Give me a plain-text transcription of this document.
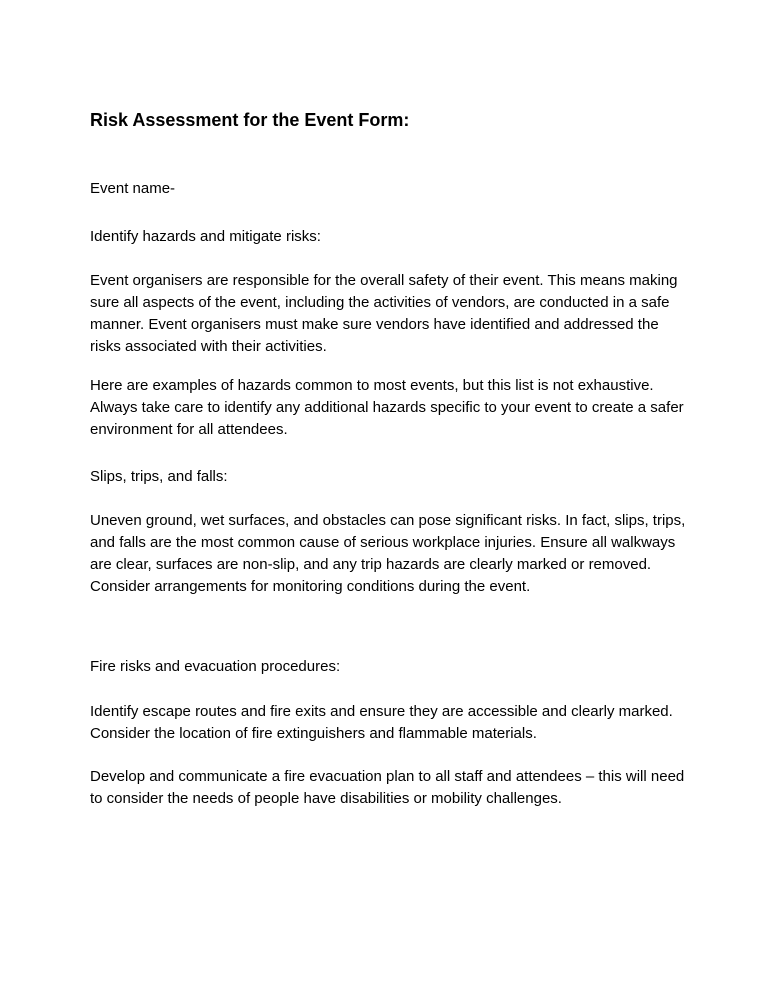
Risk Assessment for the Event Form:

Event name-

Identify hazards and mitigate risks:

Event organisers are responsible for the overall safety of their event. This means making sure all aspects of the event, including the activities of vendors, are conducted in a safe manner. Event organisers must make sure vendors have identified and addressed the risks associated with their activities.

Here are examples of hazards common to most events, but this list is not exhaustive. Always take care to identify any additional hazards specific to your event to create a safer environment for all attendees.

Slips, trips, and falls:

Uneven ground, wet surfaces, and obstacles can pose significant risks. In fact, slips, trips, and falls are the most common cause of serious workplace injuries. Ensure all walkways are clear, surfaces are non-slip, and any trip hazards are clearly marked or removed. Consider arrangements for monitoring conditions during the event.

Fire risks and evacuation procedures:

Identify escape routes and fire exits and ensure they are accessible and clearly marked. Consider the location of fire extinguishers and flammable materials.

Develop and communicate a fire evacuation plan to all staff and attendees – this will need to consider the needs of people have disabilities or mobility challenges.
